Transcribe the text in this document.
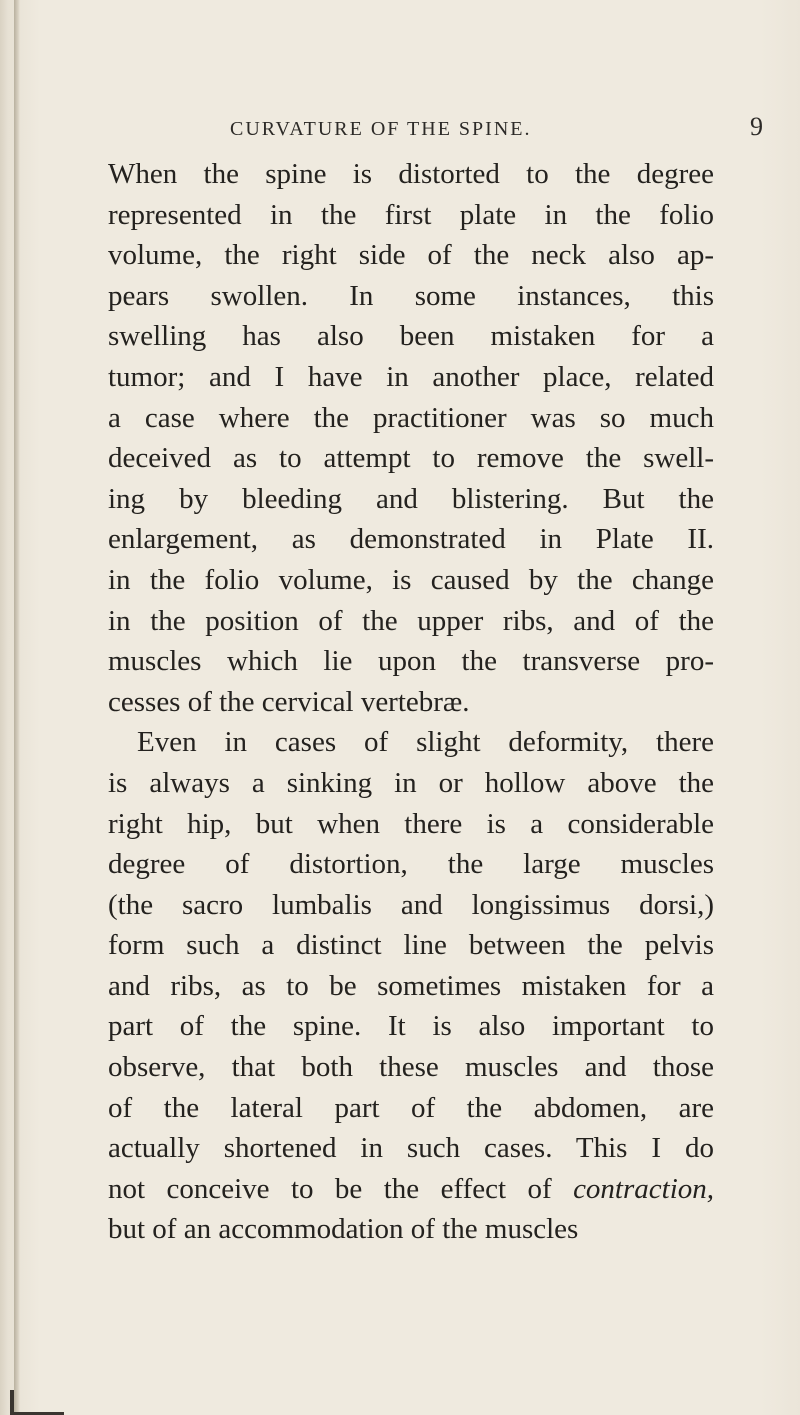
CURVATURE OF THE SPINE.	9
When the spine is distorted to the degree
represented in the first plate in the folio
volume, the right side of the neck also ap-
pears swollen. In some instances, this
swelling has also been mistaken for a
tumor; and I have in another place, related
a case where the practitioner was so much
deceived as to attempt to remove the swell-
ing by bleeding and blistering. But the
enlargement, as demonstrated in Plate II.
in the folio volume, is caused by the change
in the position of the upper ribs, and of the
muscles which lie upon the transverse pro-
cesses of the cervical vertebræ.
Even in cases of slight deformity, there
is always a sinking in or hollow above the
right hip, but when there is a considerable
degree of distortion, the large muscles
(the sacro lumbalis and longissimus dorsi,)
form such a distinct line between the pelvis
and ribs, as to be sometimes mistaken for a
part of the spine. It is also important to
observe, that both these muscles and those
of the lateral part of the abdomen, are
actually shortened in such cases. This I do
not conceive to be the effect of contraction,
but of an accommodation of the muscles
